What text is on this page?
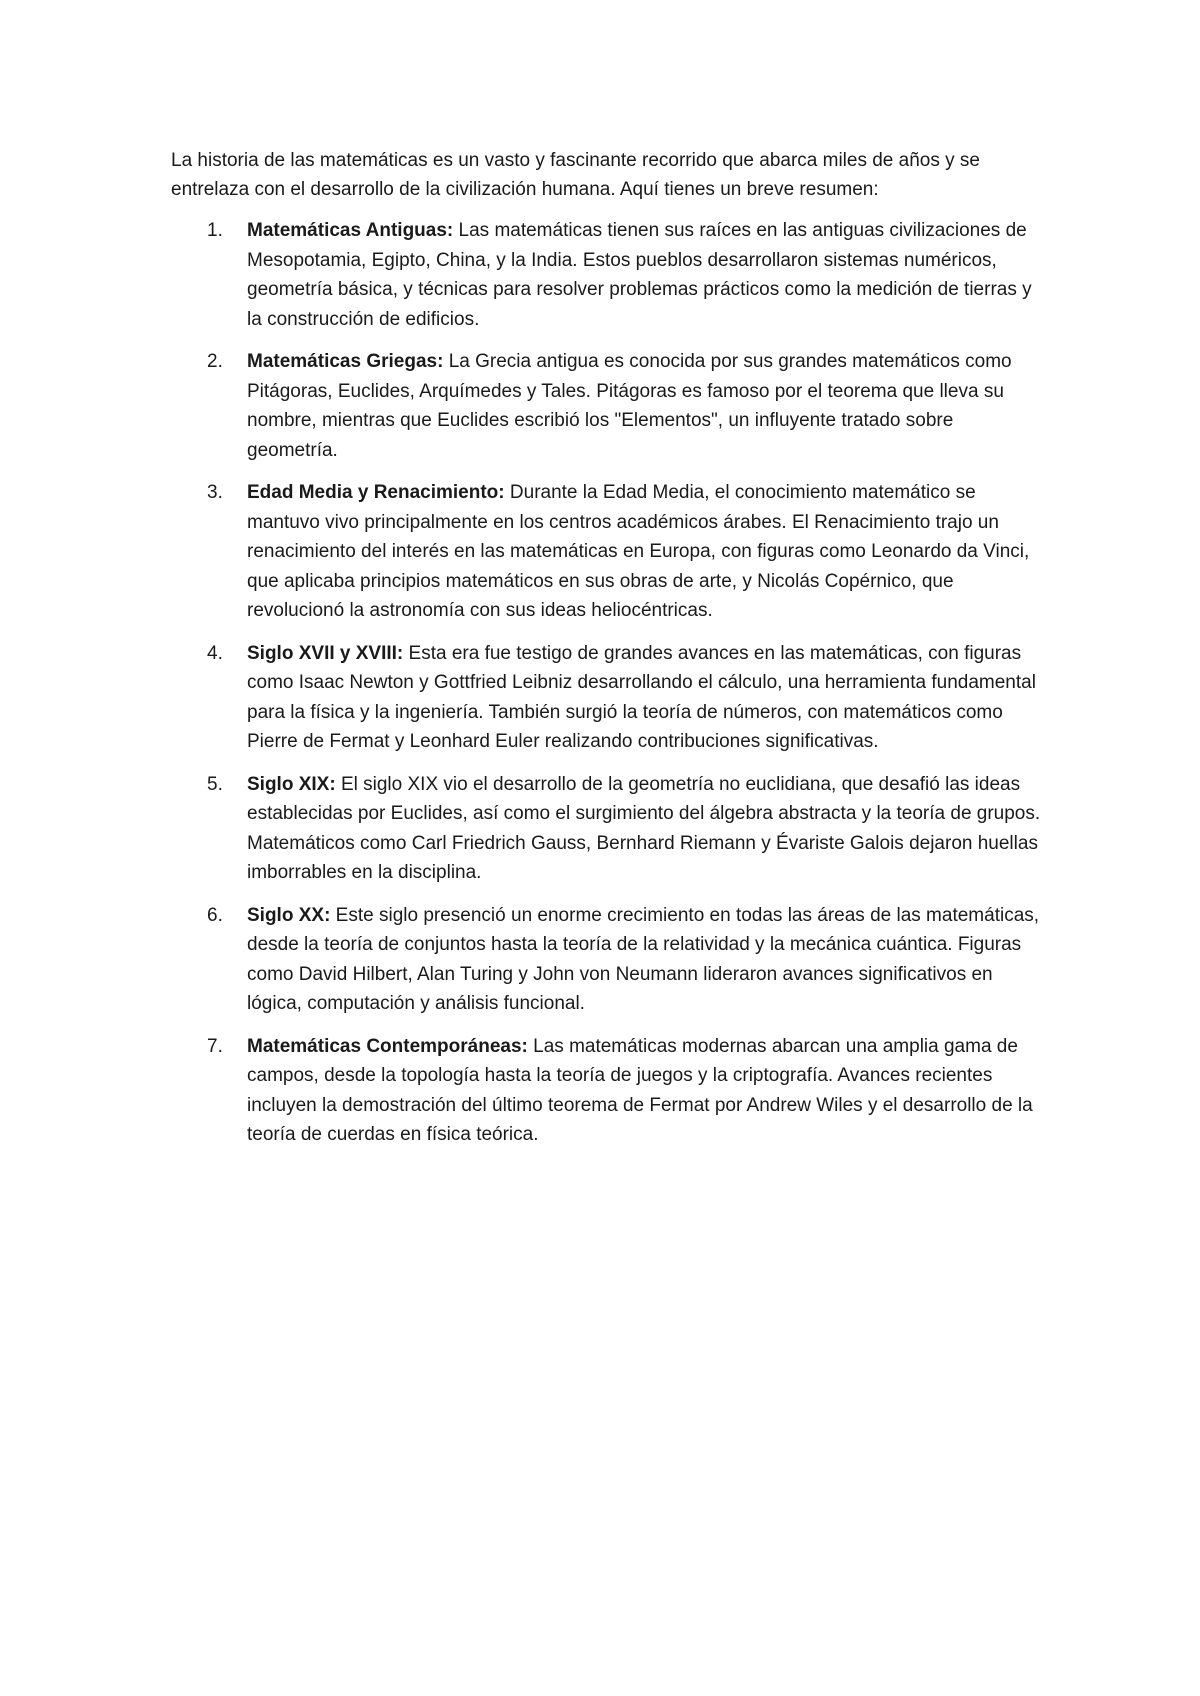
La historia de las matemáticas es un vasto y fascinante recorrido que abarca miles de años y se entrelaza con el desarrollo de la civilización humana. Aquí tienes un breve resumen:

1. Matemáticas Antiguas: Las matemáticas tienen sus raíces en las antiguas civilizaciones de Mesopotamia, Egipto, China, y la India. Estos pueblos desarrollaron sistemas numéricos, geometría básica, y técnicas para resolver problemas prácticos como la medición de tierras y la construcción de edificios.
2. Matemáticas Griegas: La Grecia antigua es conocida por sus grandes matemáticos como Pitágoras, Euclides, Arquímedes y Tales. Pitágoras es famoso por el teorema que lleva su nombre, mientras que Euclides escribió los "Elementos", un influyente tratado sobre geometría.
3. Edad Media y Renacimiento: Durante la Edad Media, el conocimiento matemático se mantuvo vivo principalmente en los centros académicos árabes. El Renacimiento trajo un renacimiento del interés en las matemáticas en Europa, con figuras como Leonardo da Vinci, que aplicaba principios matemáticos en sus obras de arte, y Nicolás Copérnico, que revolucionó la astronomía con sus ideas heliocéntricas.
4. Siglo XVII y XVIII: Esta era fue testigo de grandes avances en las matemáticas, con figuras como Isaac Newton y Gottfried Leibniz desarrollando el cálculo, una herramienta fundamental para la física y la ingeniería. También surgió la teoría de números, con matemáticos como Pierre de Fermat y Leonhard Euler realizando contribuciones significativas.
5. Siglo XIX: El siglo XIX vio el desarrollo de la geometría no euclidiana, que desafió las ideas establecidas por Euclides, así como el surgimiento del álgebra abstracta y la teoría de grupos. Matemáticos como Carl Friedrich Gauss, Bernhard Riemann y Évariste Galois dejaron huellas imborrables en la disciplina.
6. Siglo XX: Este siglo presenció un enorme crecimiento en todas las áreas de las matemáticas, desde la teoría de conjuntos hasta la teoría de la relatividad y la mecánica cuántica. Figuras como David Hilbert, Alan Turing y John von Neumann lideraron avances significativos en lógica, computación y análisis funcional.
7. Matemáticas Contemporáneas: Las matemáticas modernas abarcan una amplia gama de campos, desde la topología hasta la teoría de juegos y la criptografía. Avances recientes incluyen la demostración del último teorema de Fermat por Andrew Wiles y el desarrollo de la teoría de cuerdas en física teórica.
